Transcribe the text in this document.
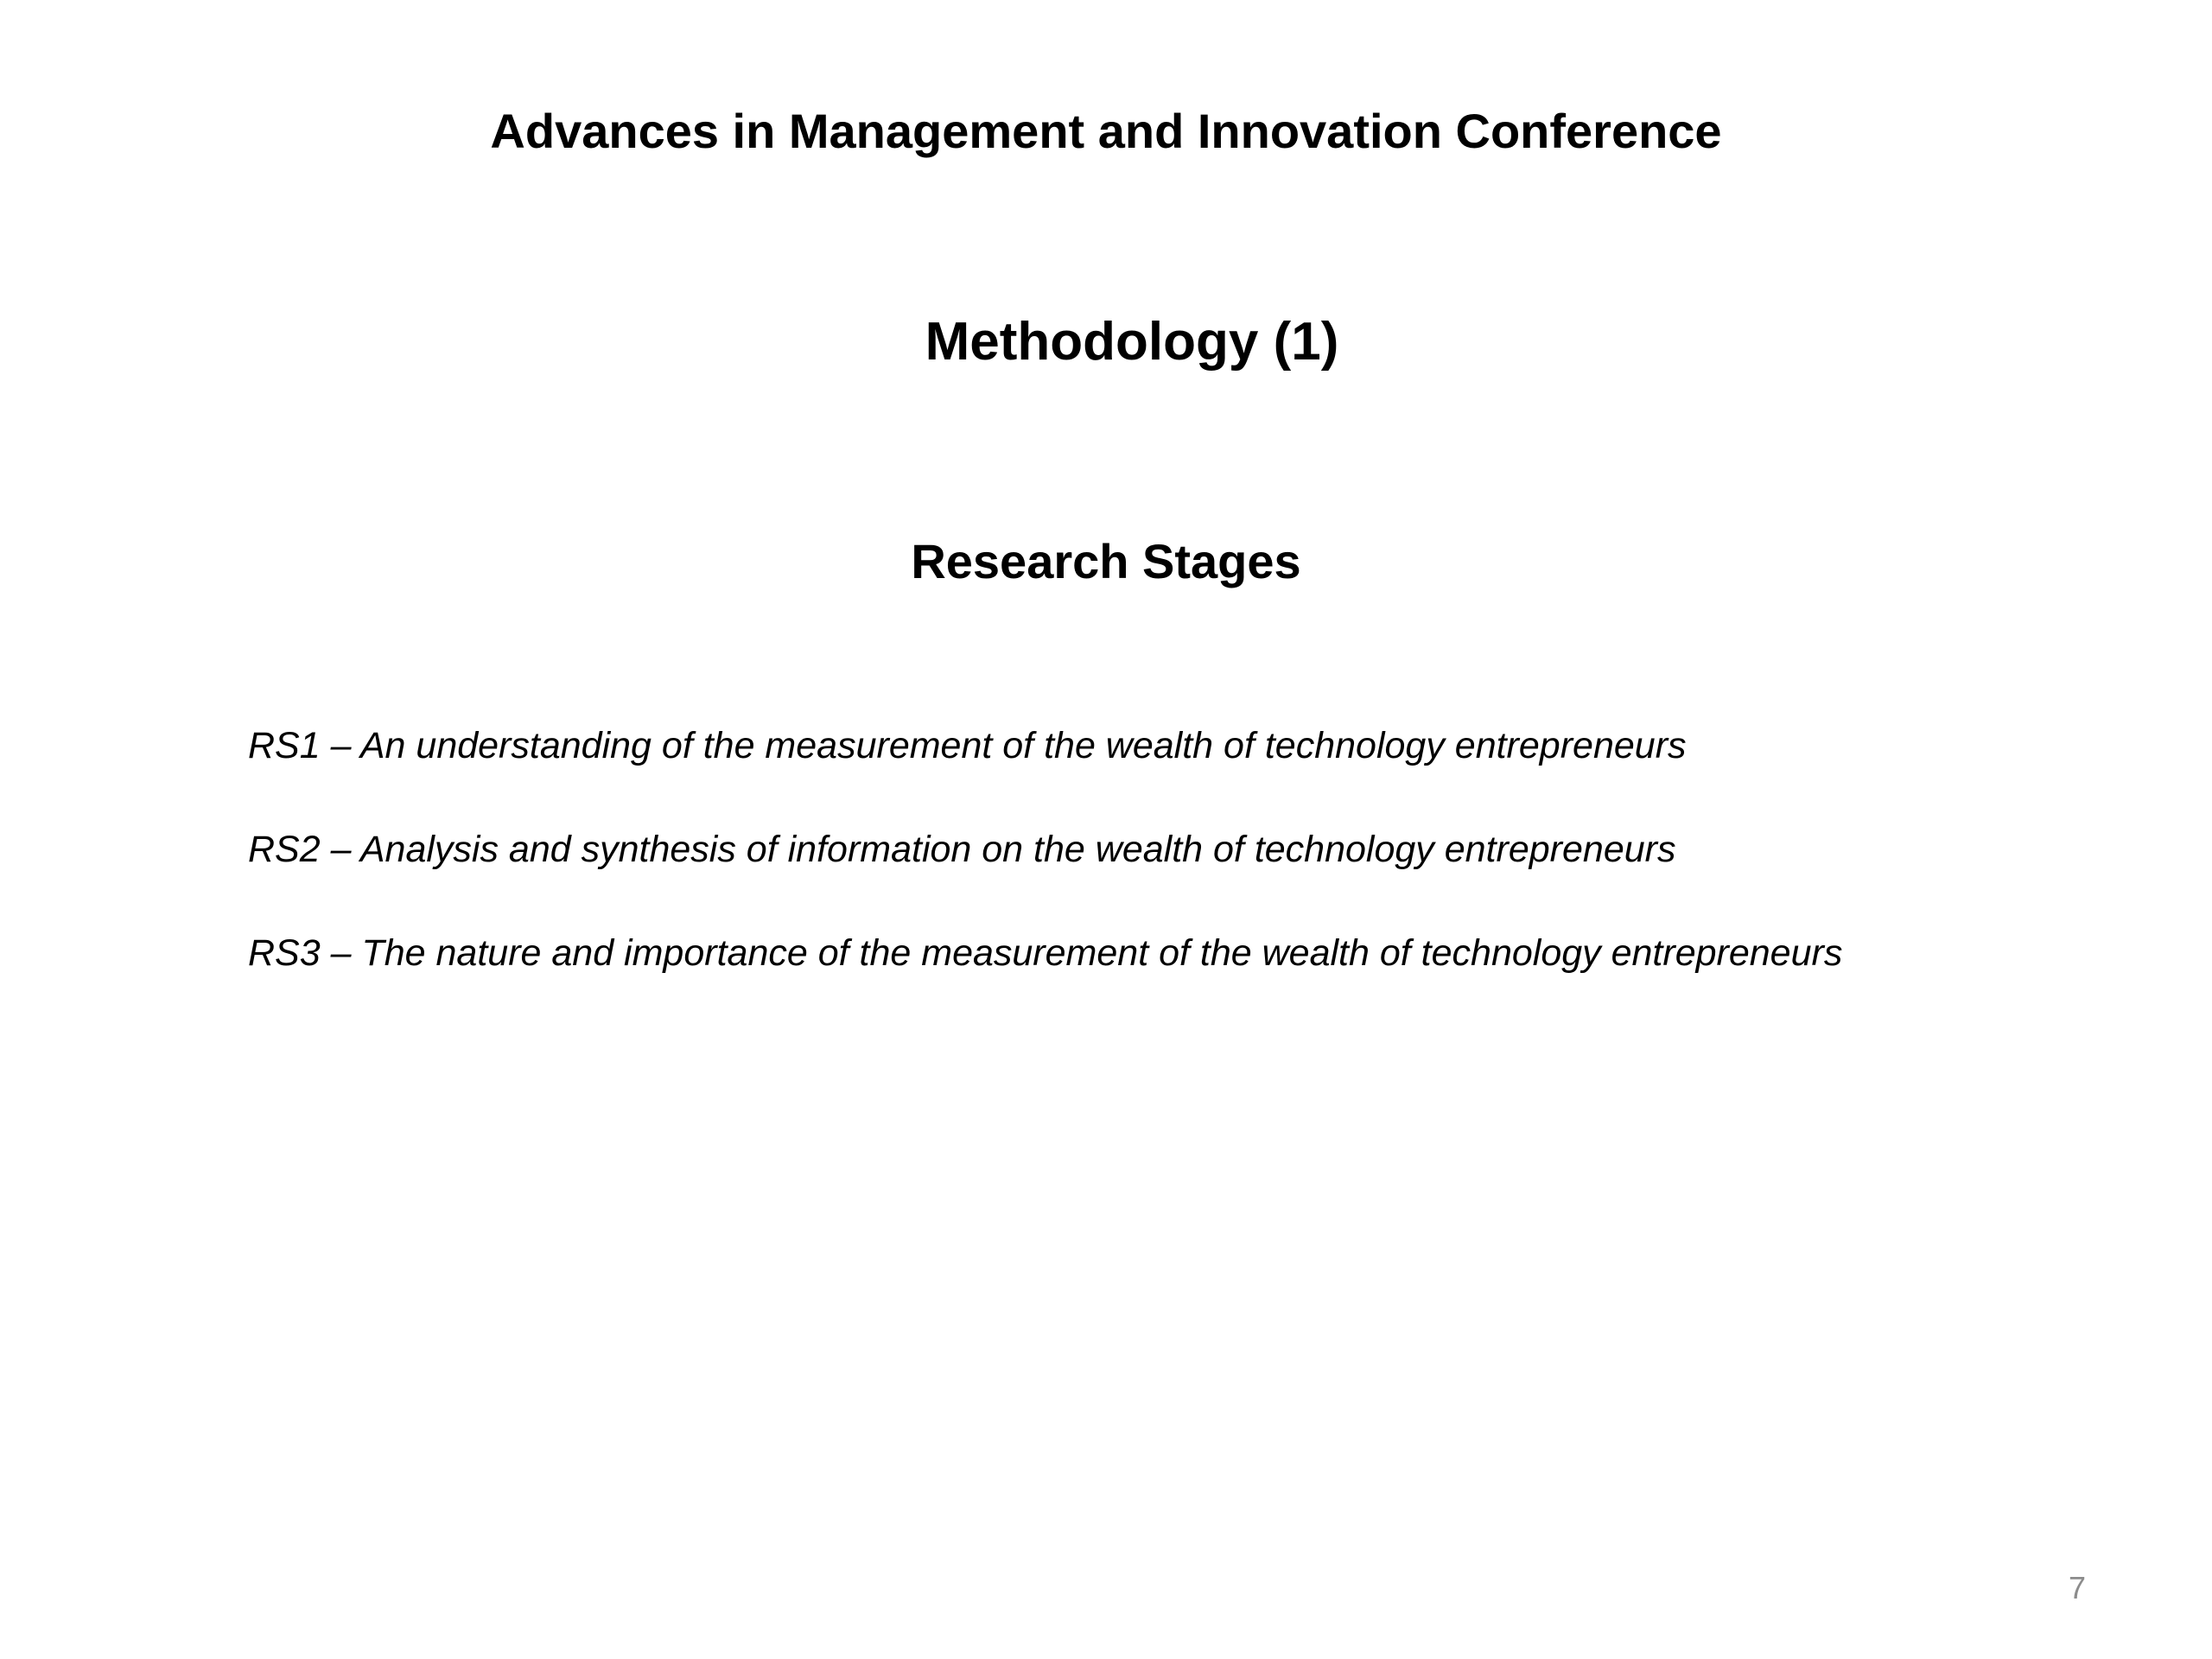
Advances in Management and Innovation Conference
Methodology (1)
Research Stages
RS1 – An understanding of the measurement of the wealth of technology entrepreneurs
RS2 – Analysis and synthesis of information on the wealth of technology entrepreneurs
RS3 – The nature and importance of the measurement of the wealth of technology entrepreneurs
7
